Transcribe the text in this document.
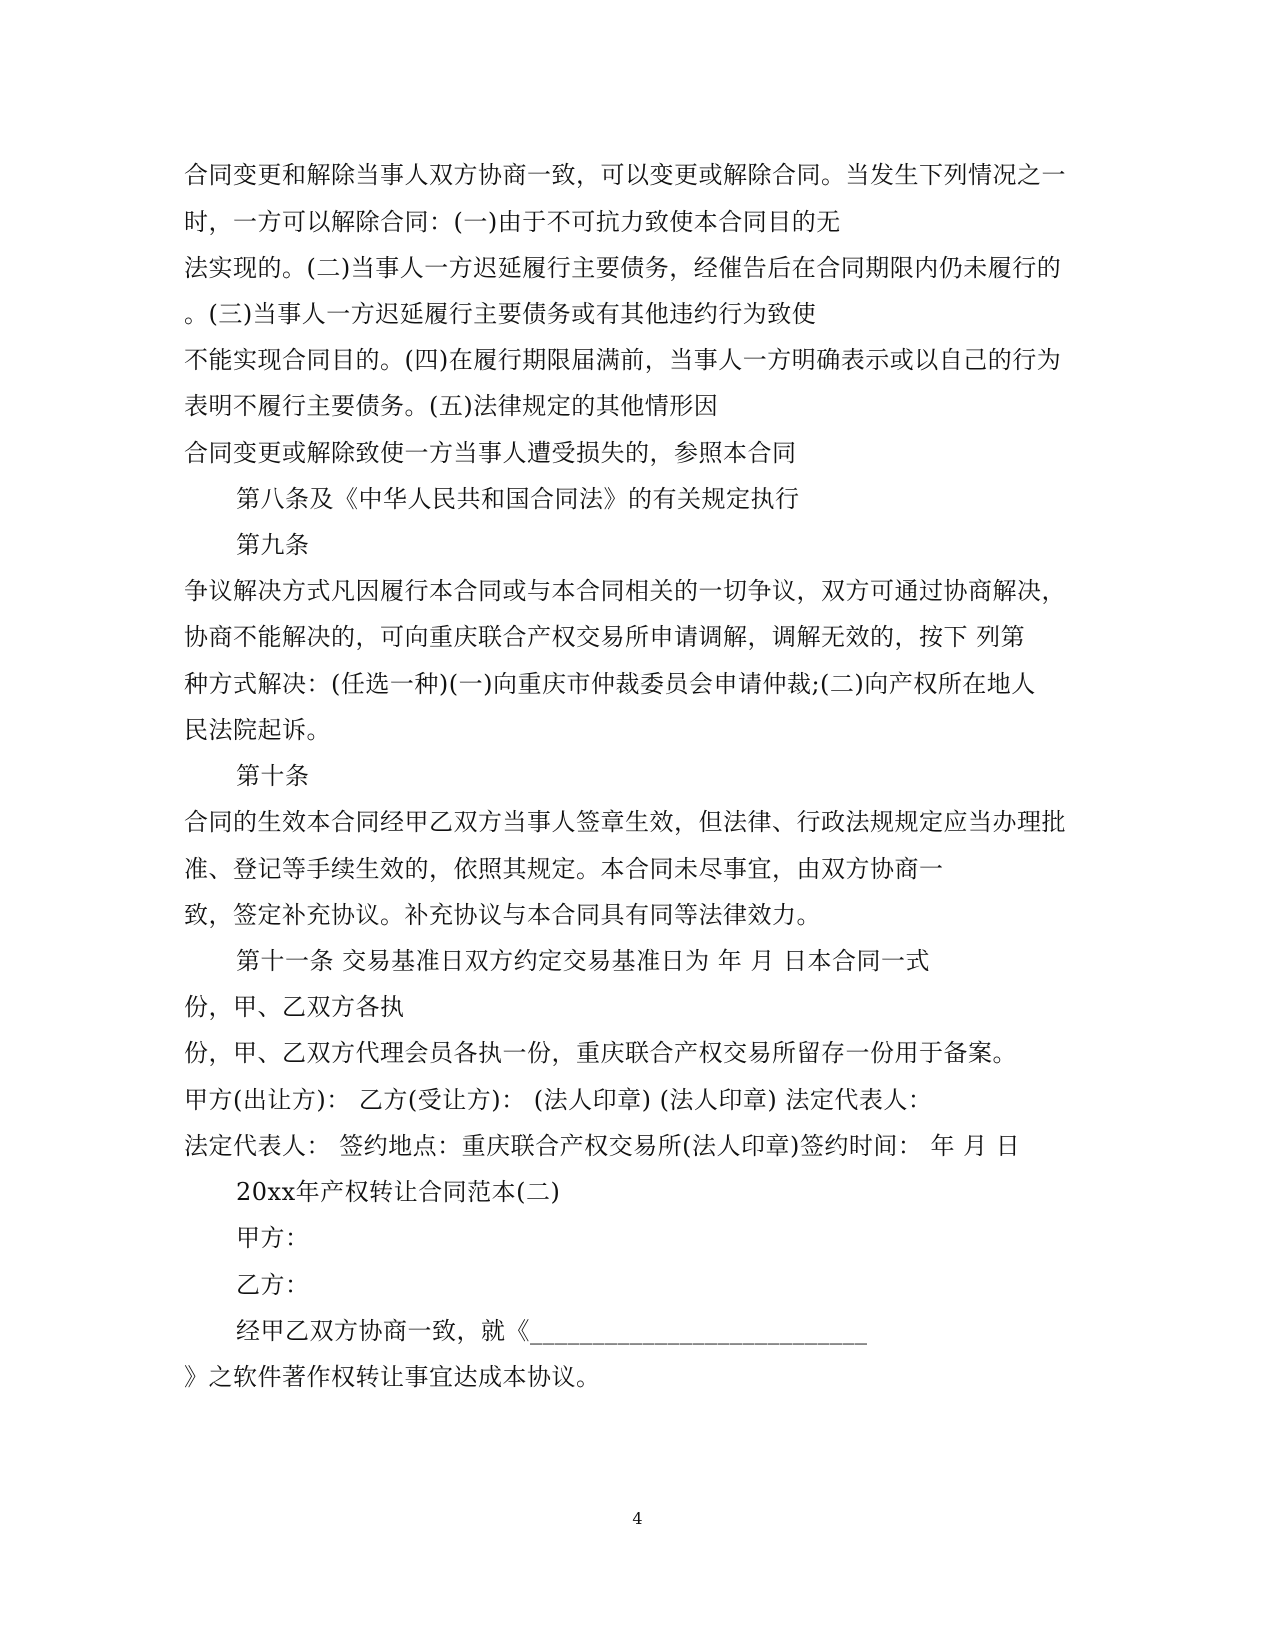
合同变更和解除当事人双方协商一致，可以变更或解除合同。当发生下列情况之一
时，一方可以解除合同：(一)由于不可抗力致使本合同目的无
法实现的。(二)当事人一方迟延履行主要债务，经催告后在合同期限内仍未履行的
。(三)当事人一方迟延履行主要债务或有其他违约行为致使
不能实现合同目的。(四)在履行期限届满前，当事人一方明确表示或以自己的行为
表明不履行主要债务。(五)法律规定的其他情形因
合同变更或解除致使一方当事人遭受损失的，参照本合同
第八条及《中华人民共和国合同法》的有关规定执行
第九条
争议解决方式凡因履行本合同或与本合同相关的一切争议，双方可通过协商解决，
协商不能解决的，可向重庆联合产权交易所申请调解，调解无效的，按下 列第
种方式解决：(任选一种)(一)向重庆市仲裁委员会申请仲裁;(二)向产权所在地人
民法院起诉。
第十条
合同的生效本合同经甲乙双方当事人签章生效，但法律、行政法规规定应当办理批
准、登记等手续生效的，依照其规定。本合同未尽事宜，由双方协商一
致，签定补充协议。补充协议与本合同具有同等法律效力。
第十一条 交易基准日双方约定交易基准日为 年 月 日本合同一式
份，甲、乙双方各执
份，甲、乙双方代理会员各执一份，重庆联合产权交易所留存一份用于备案。
甲方(出让方)： 乙方(受让方)： (法人印章) (法人印章) 法定代表人：
法定代表人： 签约地点：重庆联合产权交易所(法人印章)签约时间： 年 月 日
20xx年产权转让合同范本(二)
甲方：
乙方：
经甲乙双方协商一致，就《___________________________
》之软件著作权转让事宜达成本协议。
4
